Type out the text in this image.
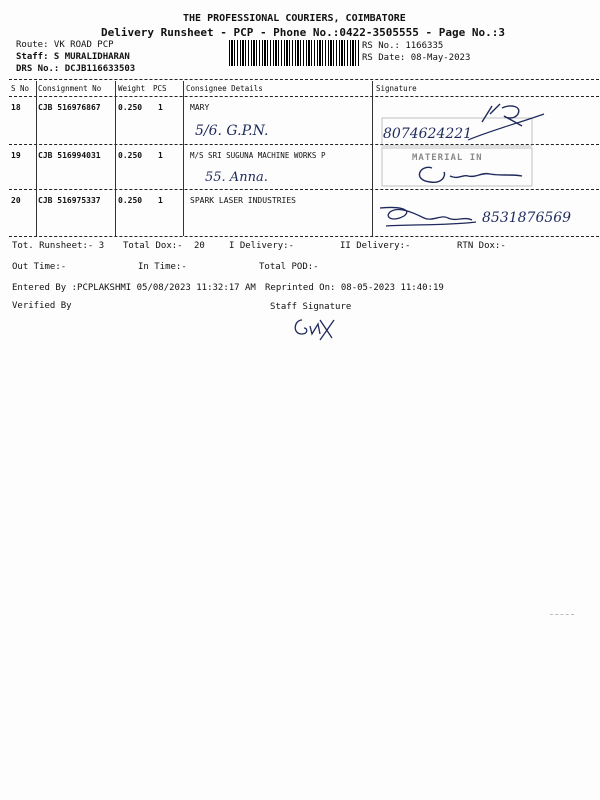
THE PROFESSIONAL COURIERS, COIMBATORE
Delivery Runsheet - PCP - Phone No.:0422-3505555 - Page No.:3
Route: VK ROAD PCP
Staff: S MURALIDHARAN
DRS No.: DCJB116633503
RS No.: 1166335
RS Date: 08-May-2023
S No Consignment No Weight PCS	Consignee Details	Signature
18 CJB 516976867 0.250 1	MARY
5/6. G.P.N.	8074624221
19 CJB 516994031 0.250 1	M/S SRI SUGUNA MACHINE WORKS P
55. Anna.
MATERIAL IN
20 CJB 516975337 0.250 1	SPARK LASER INDUSTRIES
8531876569
Tot. Runsheet:- 3 Total Dox:- 20	I Delivery:-	II Delivery:-	RTN Dox:-
Out Time:-	In Time:-	Total POD:-
Entered By :PCPLAKSHMI 05/08/2023 11:32:17 AM Reprinted On: 08-05-2023 11:40:19
Verified By	Staff Signature
